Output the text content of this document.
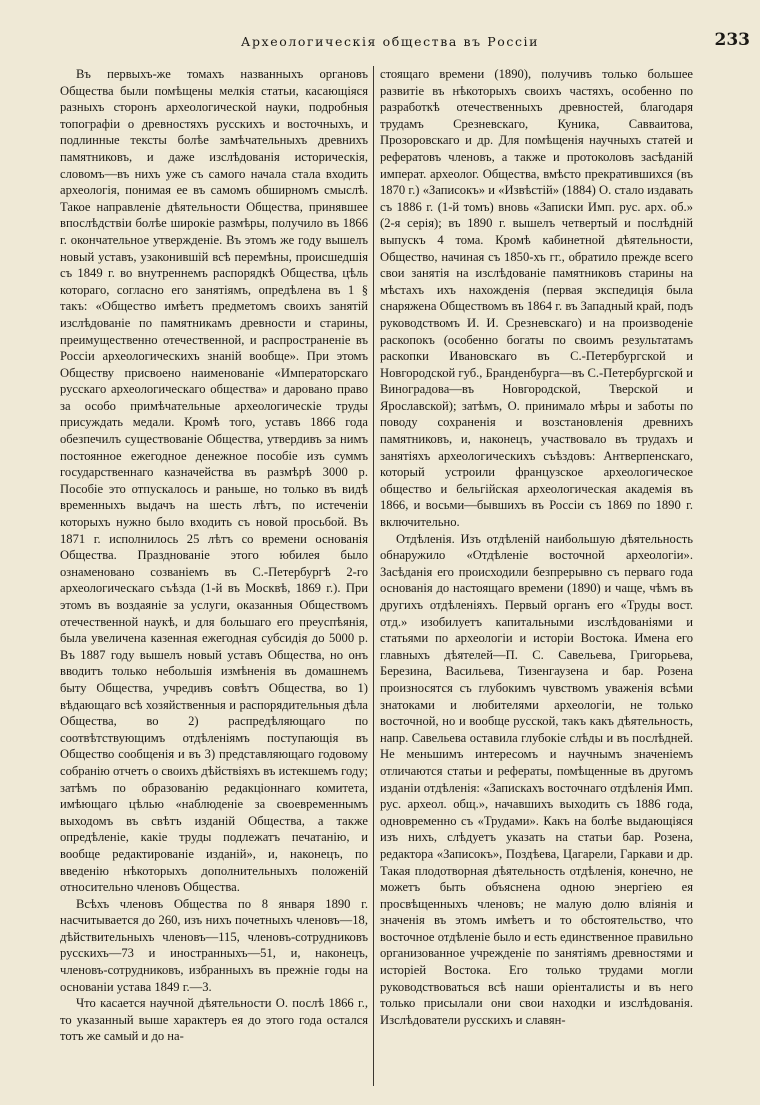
Археологическія общества въ Россіи	233

Въ первыхъ-же томахъ названныхъ органовъ Общества были помѣщены мелкія статьи, касающіяся разныхъ сторонъ археологической науки, подробныя топографіи о древностяхъ русскихъ и восточныхъ, и подлинные тексты болѣе замѣчательныхъ древнихъ памятниковъ, и даже изслѣдованія историческія, словомъ—въ нихъ уже съ самого начала стала входить археологія, понимая ее въ самомъ обширномъ смыслѣ. Такое направленіе дѣятельности Общества, принявшее впослѣдствіи болѣе широкіе размѣры, получило въ 1866 г. окончательное утвержденіе. Въ этомъ же году вышелъ новый уставъ, узаконившій всѣ перемѣны, происшедшія съ 1849 г. во внутреннемъ распорядкѣ Общества, цѣль котораго, согласно его занятіямъ, опредѣлена въ 1 § такъ: «Общество имѣетъ предметомъ своихъ занятій изслѣдованіе по памятникамъ древности и старины, преимущественно отечественной, и распространеніе въ Россіи археологическихъ знаній вообще». При этомъ Обществу присвоено наименованіе «Императорскаго русскаго археологическаго общества» и даровано право за особо примѣчательные археологическіе труды присуждать медали. Кромѣ того, уставъ 1866 года обезпечилъ существованіе Общества, утвердивъ за нимъ постоянное ежегодное денежное пособіе изъ суммъ государственнаго казначейства въ размѣрѣ 3000 р. Пособіе это отпускалось и раньше, но только въ видѣ временныхъ выдачъ на шесть лѣтъ, по истеченіи которыхъ нужно было входить съ новой просьбой. Въ 1871 г. исполнилось 25 лѣтъ со времени основанія Общества. Празднованіе этого юбилея было ознаменовано созваніемъ въ С.-Петербургѣ 2-го археологическаго съѣзда (1-й въ Москвѣ, 1869 г.). При этомъ въ воздаяніе за услуги, оказанныя Обществомъ отечественной наукѣ, и для большаго его преуспѣянія, была увеличена казенная ежегодная субсидія до 5000 р. Въ 1887 году вышелъ новый уставъ Общества, но онъ вводитъ только небольшія измѣненія въ домашнемъ быту Общества, учредивъ совѣтъ Общества, во 1) вѣдающаго всѣ хозяйственныя и распорядительныя дѣла Общества, во 2) распредѣляющаго по соотвѣтствующимъ отдѣленіямъ поступающія въ Общество сообщенія и въ 3) представляющаго годовому собранію отчетъ о своихъ дѣйствіяхъ въ истекшемъ году; затѣмъ по образованію редакціоннаго комитета, имѣющаго цѣлью «наблюденіе за своевременнымъ выходомъ въ свѣтъ изданій Общества, а также опредѣленіе, какіе труды подлежатъ печатанію, и вообще редактированіе изданій», и, наконецъ, по введенію нѣкоторыхъ дополнительныхъ положеній относительно членовъ Общества.

Всѣхъ членовъ Общества по 8 января 1890 г. насчитывается до 260, изъ нихъ почетныхъ членовъ—18, дѣйствительныхъ членовъ—115, членовъ-сотрудниковъ русскихъ—73 и иностранныхъ—51, и, наконецъ, членовъ-сотрудниковъ, избранныхъ въ прежніе годы на основаніи устава 1849 г.—3.

Что касается научной дѣятельности О. послѣ 1866 г., то указанный выше характеръ ея до этого года остался тотъ же самый и до на-

стоящаго времени (1890), получивъ только большее развитіе въ нѣкоторыхъ своихъ частяхъ, особенно по разработкѣ отечественныхъ древностей, благодаря трудамъ Срезневскаго, Куника, Савваитова, Прозоровскаго и др. Для помѣщенія научныхъ статей и рефератовъ членовъ, а также и протоколовъ засѣданій императ. археолог. Общества, вмѣсто прекратившихся (въ 1870 г.) «Записокъ» и «Извѣстій» (1884) О. стало издавать съ 1886 г. (1-й томъ) вновь «Записки Имп. рус. арх. об.» (2-я серія); въ 1890 г. вышелъ четвертый и послѣдній выпускъ 4 тома. Кромѣ кабинетной дѣятельности, Общество, начиная съ 1850-хъ гг., обратило прежде всего свои занятія на изслѣдованіе памятниковъ старины на мѣстахъ ихъ нахожденія (первая экспедиція была снаряжена Обществомъ въ 1864 г. въ Западный край, подъ руководствомъ И. И. Срезневскаго) и на производеніе раскопокъ (особенно богаты по своимъ результатамъ раскопки Ивановскаго въ С.-Петербургской и Новгородской губ., Бранденбурга—въ С.-Петербургской и Виноградова—въ Новгородской, Тверской и Ярославской); затѣмъ, О. принимало мѣры и заботы по поводу сохраненія и возстановленія древнихъ памятниковъ, и, наконецъ, участвовало въ трудахъ и занятіяхъ археологическихъ съѣздовъ: Антверпенскаго, который устроили французское археологическое общество и бельгійская археологическая академія въ 1866, и восьми—бывшихъ въ Россіи съ 1869 по 1890 г. включительно.

Отдѣленія. Изъ отдѣленій наибольшую дѣятельность обнаружило «Отдѣленіе восточной археологіи». Засѣданія его происходили безпрерывно съ перваго года основанія до настоящаго времени (1890) и чаще, чѣмъ въ другихъ отдѣленіяхъ. Первый органъ его «Труды вост. отд.» изобилуетъ капитальными изслѣдованіями и статьями по археологіи и исторіи Востока. Имена его главныхъ дѣятелей—П. С. Савельева, Григорьева, Березина, Васильева, Тизенгаузена и бар. Розена произносятся съ глубокимъ чувствомъ уваженія всѣми знатоками и любителями археологіи, не только восточной, но и вообще русской, такъ какъ дѣятельность, напр. Савельева оставила глубокіе слѣды и въ послѣдней. Не меньшимъ интересомъ и научнымъ значеніемъ отличаются статьи и рефераты, помѣщенные въ другомъ изданіи отдѣленія: «Запискахъ восточнаго отдѣленія Имп. рус. археол. общ.», начавшихъ выходить съ 1886 года, одновременно съ «Трудами». Какъ на болѣе выдающіяся изъ нихъ, слѣдуетъ указать на статьи бар. Розена, редактора «Записокъ», Поздѣева, Цагарели, Гаркави и др. Такая плодотворная дѣятельность отдѣленія, конечно, не можетъ быть объяснена одною энергіею ея просвѣщенныхъ членовъ; не малую долю вліянія и значенія въ этомъ имѣетъ и то обстоятельство, что восточное отдѣленіе было и есть единственное правильно организованное учрежденіе по занятіямъ древностями и исторіей Востока. Его только трудами могли руководствоваться всѣ наши оріенталисты и въ него только присылали они свои находки и изслѣдованія. Изслѣдователи русскихъ и славян-
